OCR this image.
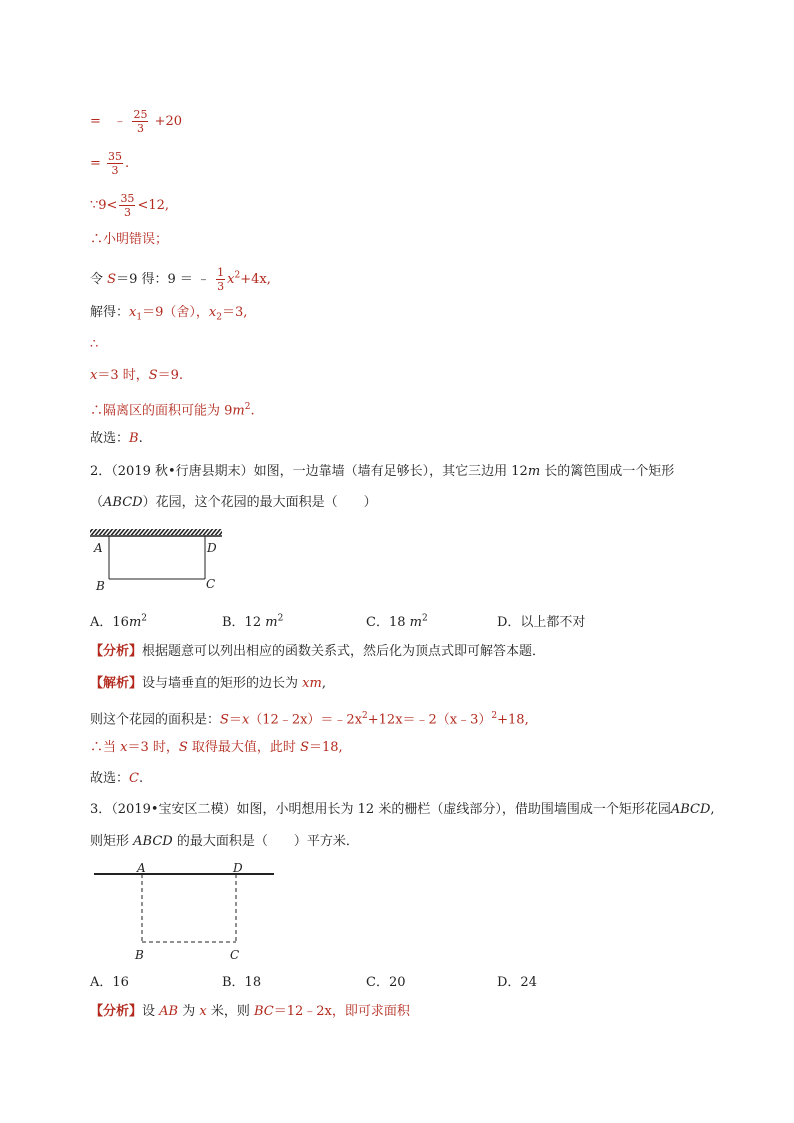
= ﹣ $\frac{25}{3} +20$
= $\frac{35}{3}$ .
∵9< $\frac{35}{3} <12$,
∴小明错误；
令 S＝9 得：9 ＝ ﹣ $\frac{1}{3} x^2+4x$,
解得：$x_1=9$（舍），$x_2=3$,
∴
x＝3 时，S＝9.
∴隔离区的面积可能为 $9m^2$.
故选：B.
2．（2019 秋•行唐县期末）如图，一边靠墙（墙有足够长），其它三边用 12m 长的篱笆围成一个矩形
（ABCD）花园，这个花园的最大面积是（　　）
A	D
B	C
A．$16m^2$	B．12 $m^2$	C．18 $m^2$	D．以上都不对
【分析】根据题意可以列出相应的函数关系式，然后化为顶点式即可解答本题．
【解析】设与墙垂直的矩形的边长为 xm,
则这个花园的面积是：$S=x(12﹣2x)=﹣2x^2+12x=﹣2(x﹣3)^2+18$,
∴当 x＝3 时，S 取得最大值，此时 S＝18,
故选：C.
3．（2019•宝安区二模）如图，小明想用长为 12 米的栅栏（虚线部分），借助围墙围成一个矩形花园ABCD,
则矩形 ABCD 的最大面积是（　　）平方米．
A	D
B	C
A．16	B．18	C．20	D．24
【分析】设 AB 为 x 米，则 BC＝12﹣2x，即可求面积
